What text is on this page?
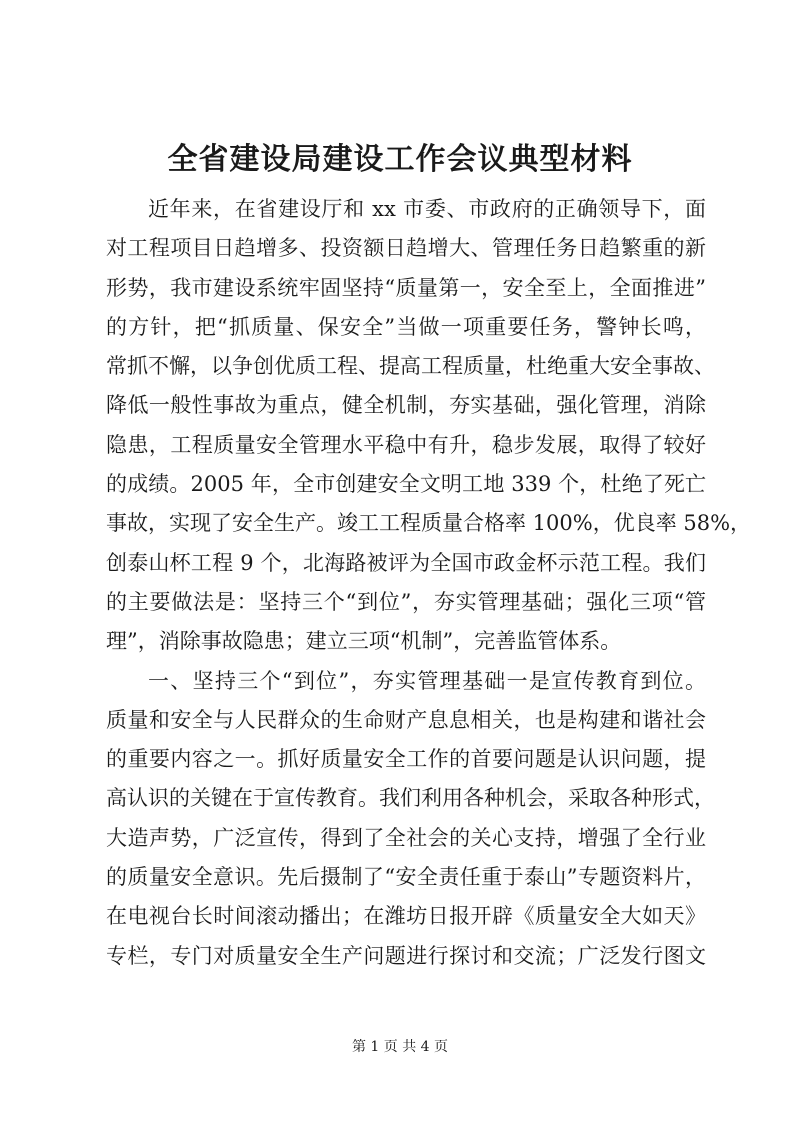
全省建设局建设工作会议典型材料
近年来，在省建设厅和 xx 市委、市政府的正确领导下，面
对工程项目日趋增多、投资额日趋增大、管理任务日趋繁重的新
形势，我市建设系统牢固坚持“质量第一，安全至上，全面推进”
的方针，把“抓质量、保安全”当做一项重要任务，警钟长鸣，
常抓不懈，以争创优质工程、提高工程质量，杜绝重大安全事故、
降低一般性事故为重点，健全机制，夯实基础，强化管理，消除
隐患，工程质量安全管理水平稳中有升，稳步发展，取得了较好
的成绩。2005 年，全市创建安全文明工地 339 个，杜绝了死亡
事故，实现了安全生产。竣工工程质量合格率 100%，优良率 58%，
创泰山杯工程 9 个，北海路被评为全国市政金杯示范工程。我们
的主要做法是：坚持三个“到位”，夯实管理基础；强化三项“管
理”，消除事故隐患；建立三项“机制”，完善监管体系。
一、坚持三个“到位”，夯实管理基础一是宣传教育到位。
质量和安全与人民群众的生命财产息息相关，也是构建和谐社会
的重要内容之一。抓好质量安全工作的首要问题是认识问题，提
高认识的关键在于宣传教育。我们利用各种机会，采取各种形式，
大造声势，广泛宣传，得到了全社会的关心支持，增强了全行业
的质量安全意识。先后摄制了“安全责任重于泰山”专题资料片，
在电视台长时间滚动播出；在潍坊日报开辟《质量安全大如天》
专栏，专门对质量安全生产问题进行探讨和交流；广泛发行图文
第 1 页 共 4 页
